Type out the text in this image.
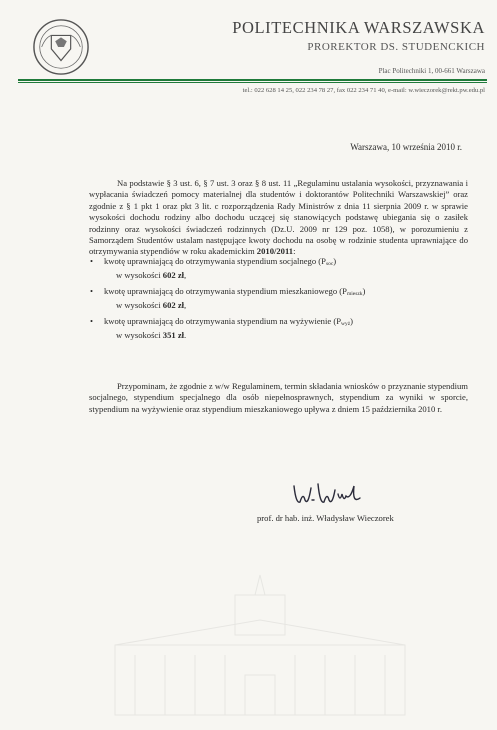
POLITECHNIKA WARSZAWSKA
PROREKTOR DS. STUDENCKICH
Plac Politechniki 1, 00-661 Warszawa
tel.: 022 628 14 25, 022 234 78 27, fax 022 234 71 40, e-mail: w.wieczorek@rekt.pw.edu.pl
Warszawa, 10 września 2010 r.
Na podstawie § 3 ust. 6, § 7 ust. 3 oraz § 8 ust. 11 „Regulaminu ustalania wysokości, przyznawania i wypłacania świadczeń pomocy materialnej dla studentów i doktorantów Politechniki Warszawskiej” oraz zgodnie z § 1 pkt 1 oraz pkt 3 lit. c rozporządzenia Rady Ministrów z dnia 11 sierpnia 2009 r. w sprawie wysokości dochodu rodziny albo dochodu uczącej się stanowiących podstawę ubiegania się o zasiłek rodzinny oraz wysokości świadczeń rodzinnych (Dz.U. 2009 nr 129 poz. 1058), w porozumieniu z Samorządem Studentów ustalam następujące kwoty dochodu na osobę w rodzinie studenta uprawniające do otrzymywania stypendiów w roku akademickim 2010/2011:
• kwotę uprawniającą do otrzymywania stypendium socjalnego (Psoc)
w wysokości 602 zł,
• kwotę uprawniającą do otrzymywania stypendium mieszkaniowego (Pmieszk)
w wysokości 602 zł,
• kwotę uprawniającą do otrzymywania stypendium na wyżywienie (Pwyż)
w wysokości 351 zł.
Przypominam, że zgodnie z w/w Regulaminem, termin składania wniosków o przyznanie stypendium socjalnego, stypendium specjalnego dla osób niepełnosprawnych, stypendium za wyniki w sporcie, stypendium na wyżywienie oraz stypendium mieszkaniowego upływa z dniem 15 października 2010 r.
prof. dr hab. inż. Władysław Wieczorek
